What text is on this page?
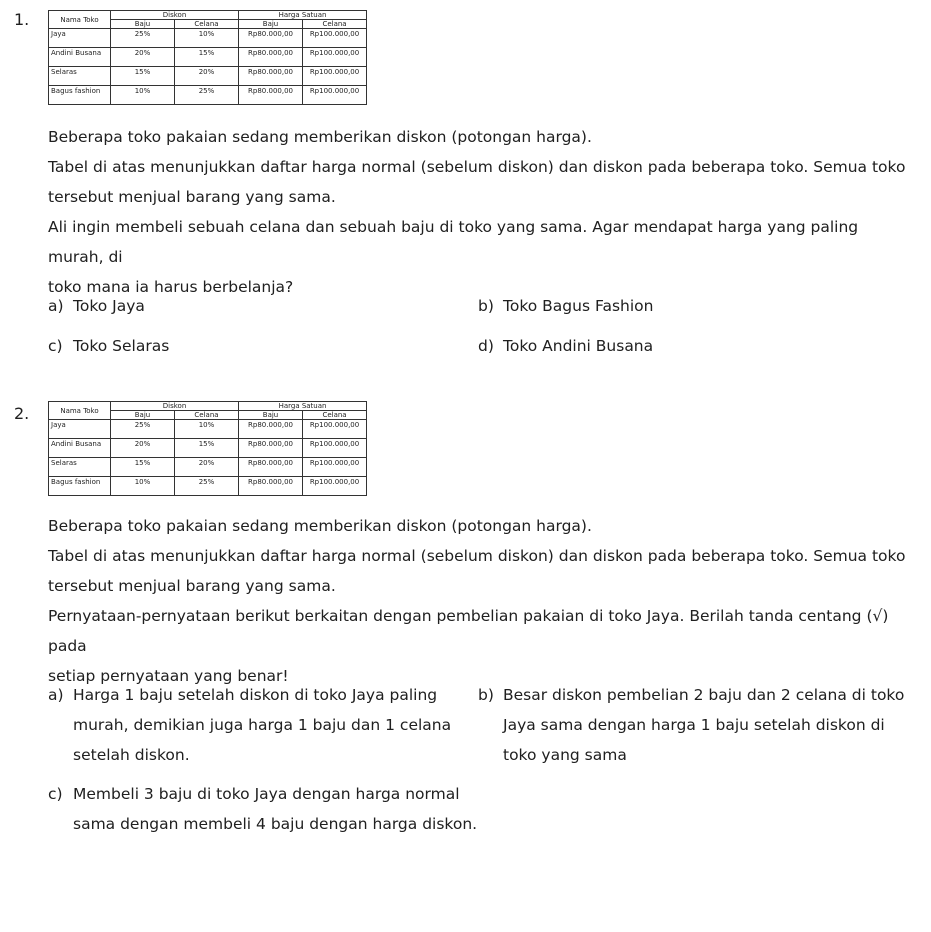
1.	Nama Toko	Diskon		Harga Satuan	
	Baju	Celana	Baju	Celana
Jaya	25%	10%	Rp80.000,00	Rp100.000,00
Andini Busana	20%	15%	Rp80.000,00	Rp100.000,00
Selaras	15%	20%	Rp80.000,00	Rp100.000,00
Bagus fashion	10%	25%	Rp80.000,00	Rp100.000,00
Beberapa toko pakaian sedang memberikan diskon (potongan harga).
Tabel di atas menunjukkan daftar harga normal (sebelum diskon) dan diskon pada beberapa toko. Semua toko
tersebut menjual barang yang sama.
Ali ingin membeli sebuah celana dan sebuah baju di toko yang sama. Agar mendapat harga yang paling murah, di
toko mana ia harus berbelanja?
a) Toko Jaya	b) Toko Bagus Fashion
c) Toko Selaras	d) Toko Andini Busana
2.	Nama Toko	Diskon		Harga Satuan	
	Baju	Celana	Baju	Celana
Jaya	25%	10%	Rp80.000,00	Rp100.000,00
Andini Busana	20%	15%	Rp80.000,00	Rp100.000,00
Selaras	15%	20%	Rp80.000,00	Rp100.000,00
Bagus fashion	10%	25%	Rp80.000,00	Rp100.000,00
Beberapa toko pakaian sedang memberikan diskon (potongan harga).
Tabel di atas menunjukkan daftar harga normal (sebelum diskon) dan diskon pada beberapa toko. Semua toko
tersebut menjual barang yang sama.
Pernyataan-pernyataan berikut berkaitan dengan pembelian pakaian di toko Jaya. Berilah tanda centang (√) pada
setiap pernyataan yang benar!
a) Harga 1 baju setelah diskon di toko Jaya paling
murah, demikian juga harga 1 baju dan 1 celana
setelah diskon.
b) Besar diskon pembelian 2 baju dan 2 celana di toko
Jaya sama dengan harga 1 baju setelah diskon di
toko yang sama
c) Membeli 3 baju di toko Jaya dengan harga normal
sama dengan membeli 4 baju dengan harga diskon.
